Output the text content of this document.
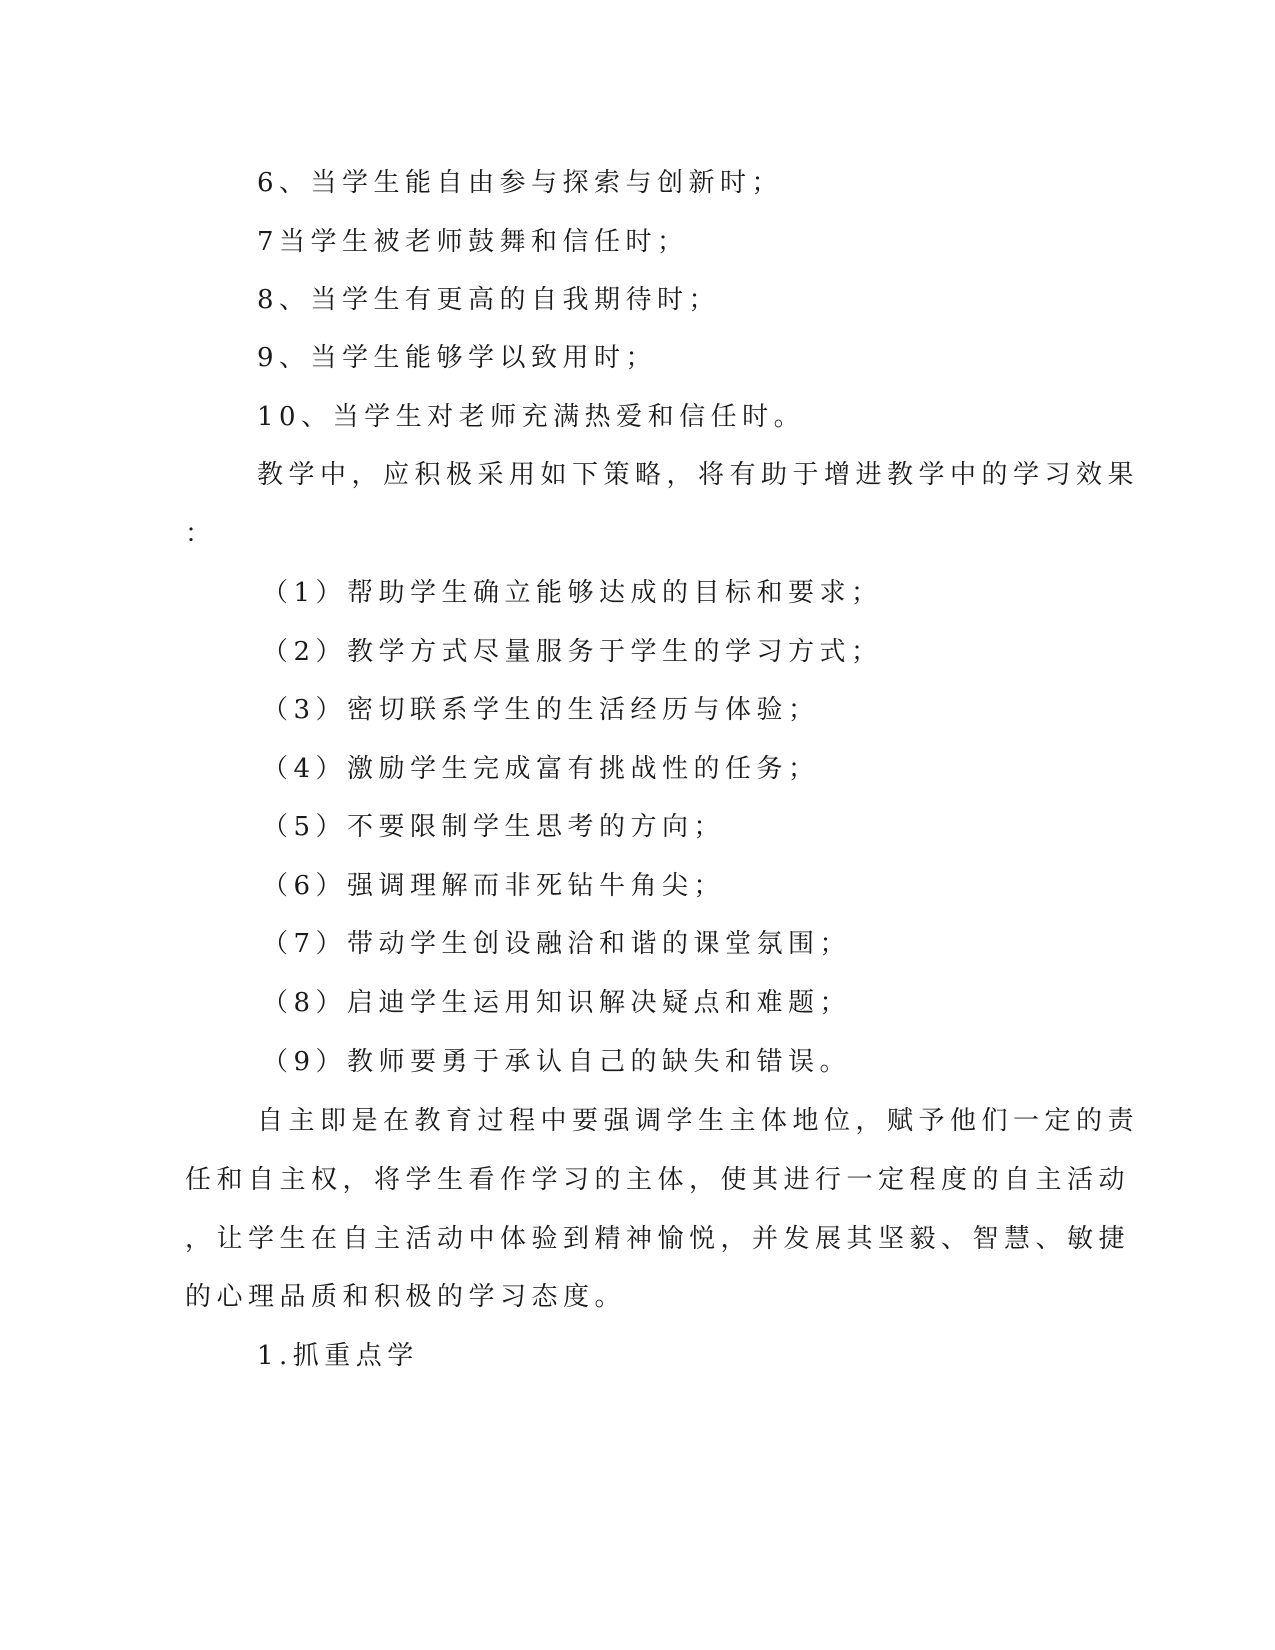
6、当学生能自由参与探索与创新时；
7当学生被老师鼓舞和信任时；
8、当学生有更高的自我期待时；
9、当学生能够学以致用时；
10、当学生对老师充满热爱和信任时。
教学中，应积极采用如下策略，将有助于增进教学中的学习效果
：
（1）帮助学生确立能够达成的目标和要求；
（2）教学方式尽量服务于学生的学习方式；
（3）密切联系学生的生活经历与体验；
（4）激励学生完成富有挑战性的任务；
（5）不要限制学生思考的方向；
（6）强调理解而非死钻牛角尖；
（7）带动学生创设融洽和谐的课堂氛围；
（8）启迪学生运用知识解决疑点和难题；
（9）教师要勇于承认自己的缺失和错误。
自主即是在教育过程中要强调学生主体地位，赋予他们一定的责
任和自主权，将学生看作学习的主体，使其进行一定程度的自主活动
，让学生在自主活动中体验到精神愉悦，并发展其坚毅、智慧、敏捷
的心理品质和积极的学习态度。
1.抓重点学
